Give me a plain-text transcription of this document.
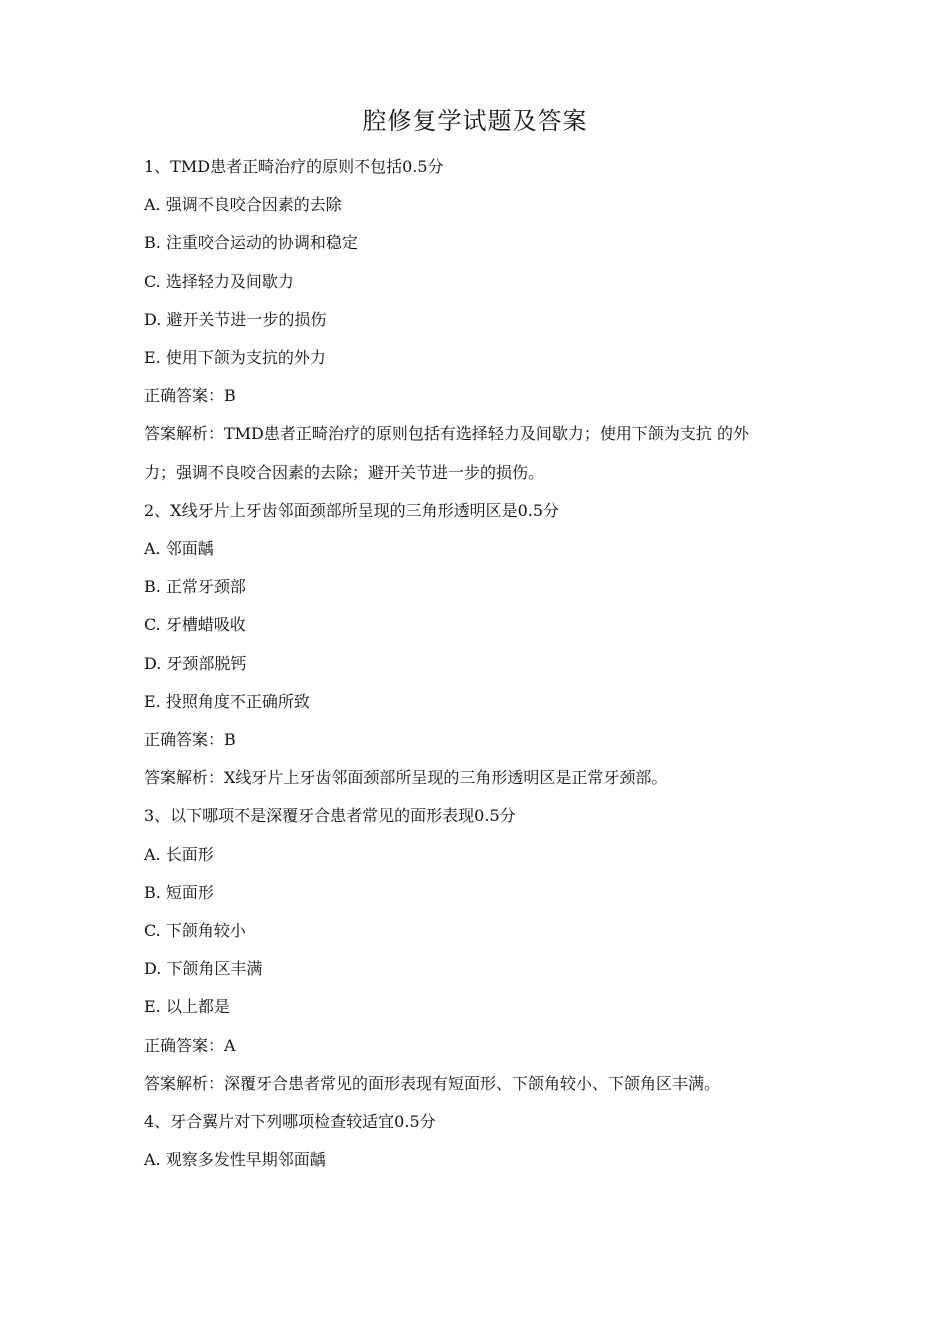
腔修复学试题及答案
1、TMD患者正畸治疗的原则不包括0.5分
A. 强调不良咬合因素的去除
B. 注重咬合运动的协调和稳定
C. 选择轻力及间歇力
D. 避开关节进一步的损伤
E. 使用下颌为支抗的外力
正确答案：B
答案解析：TMD患者正畸治疗的原则包括有选择轻力及间歇力；使用下颌为支抗 的外
力；强调不良咬合因素的去除；避开关节进一步的损伤。
2、X线牙片上牙齿邻面颈部所呈现的三角形透明区是0.5分
A. 邻面龋
B. 正常牙颈部
C. 牙槽蜡吸收
D. 牙颈部脱钙
E. 投照角度不正确所致
正确答案：B
答案解析：X线牙片上牙齿邻面颈部所呈现的三角形透明区是正常牙颈部。
3、以下哪项不是深覆牙合患者常见的面形表现0.5分
A. 长面形
B. 短面形
C. 下颌角较小
D. 下颌角区丰满
E. 以上都是
正确答案：A
答案解析：深覆牙合患者常见的面形表现有短面形、下颌角较小、下颌角区丰满。
4、牙合翼片对下列哪项检查较适宜0.5分
A. 观察多发性早期邻面龋
